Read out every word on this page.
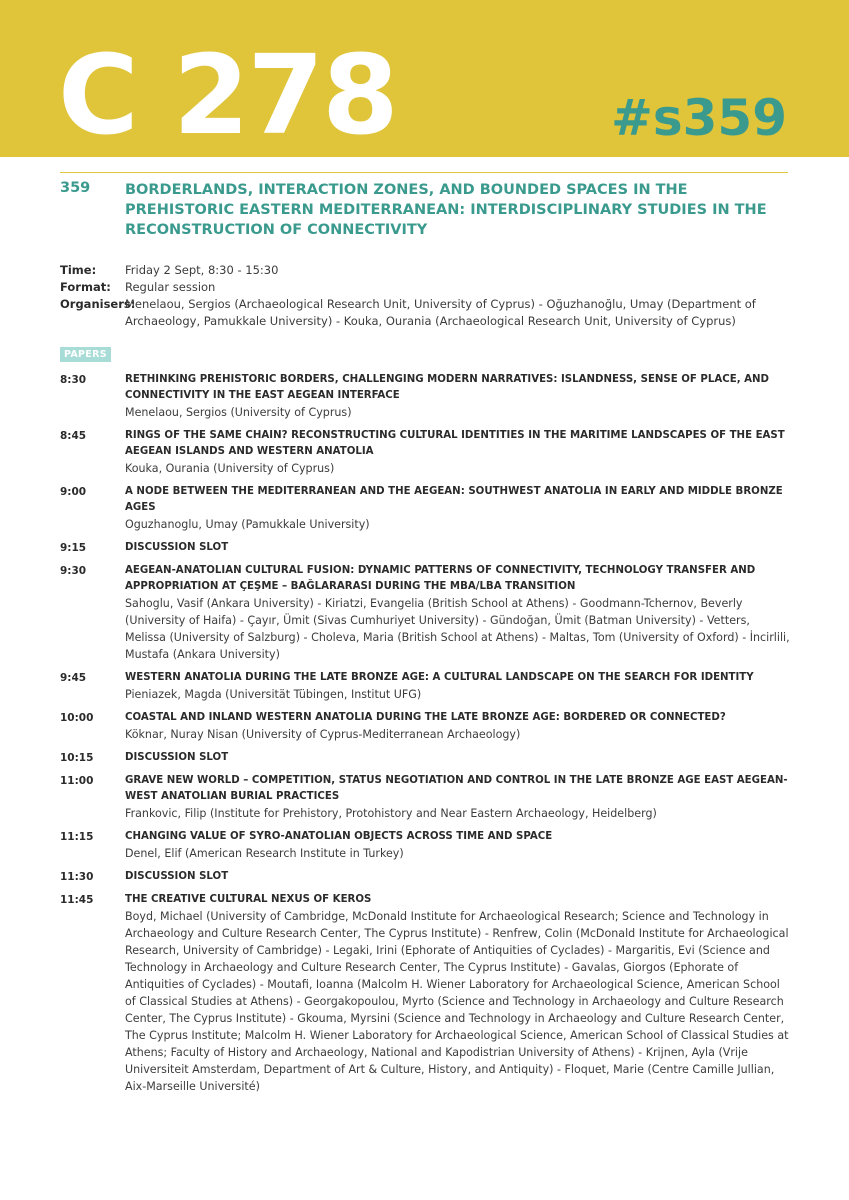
C 278	#s359
359 BORDERLANDS, INTERACTION ZONES, AND BOUNDED SPACES IN THE PREHISTORIC EASTERN MEDITERRANEAN: INTERDISCIPLINARY STUDIES IN THE RECONSTRUCTION OF CONNECTIVITY
Time:	Friday 2 Sept, 8:30 - 15:30
Format:	Regular session
Organisers:
Menelaou, Sergios (Archaeological Research Unit, University of Cyprus) - Oğuzhanoğlu, Umay (Department of Archaeology, Pamukkale University) - Kouka, Ourania (Archaeological Research Unit, University of Cyprus)
PAPERS
8:30	RETHINKING PREHISTORIC BORDERS, CHALLENGING MODERN NARRATIVES: ISLANDNESS, SENSE OF PLACE, AND CONNECTIVITY IN THE EAST AEGEAN INTERFACE
Menelaou, Sergios (University of Cyprus)
8:45	RINGS OF THE SAME CHAIN? RECONSTRUCTING CULTURAL IDENTITIES IN THE MARITIME LANDSCAPES OF THE EAST AEGEAN ISLANDS AND WESTERN ANATOLIA
Kouka, Ourania (University of Cyprus)
9:00	A NODE BETWEEN THE MEDITERRANEAN AND THE AEGEAN: SOUTHWEST ANATOLIA IN EARLY AND MIDDLE BRONZE AGES
Oguzhanoglu, Umay (Pamukkale University)
9:15	DISCUSSION SLOT
9:30	AEGEAN-ANATOLIAN CULTURAL FUSION: DYNAMIC PATTERNS OF CONNECTIVITY, TECHNOLOGY TRANSFER AND APPROPRIATION AT ÇEŞME – BAĞLARARASI DURING THE MBA/LBA TRANSITION
Sahoglu, Vasif (Ankara University) - Kiriatzi, Evangelia (British School at Athens) - Goodmann-Tchernov, Beverly (University of Haifa) - Çayır, Ümit (Sivas Cumhuriyet University) - Gündoğan, Ümit (Batman University) - Vetters, Melissa (University of Salzburg) - Choleva, Maria (British School at Athens) - Maltas, Tom (University of Oxford) - İncirlili, Mustafa (Ankara University)
9:45	WESTERN ANATOLIA DURING THE LATE BRONZE AGE: A CULTURAL LANDSCAPE ON THE SEARCH FOR IDENTITY
Pieniazek, Magda (Universität Tübingen, Institut UFG)
10:00	COASTAL AND INLAND WESTERN ANATOLIA DURING THE LATE BRONZE AGE: BORDERED OR CONNECTED?
Köknar, Nuray Nisan (University of Cyprus-Mediterranean Archaeology)
10:15	DISCUSSION SLOT
11:00	GRAVE NEW WORLD – COMPETITION, STATUS NEGOTIATION AND CONTROL IN THE LATE BRONZE AGE EAST AEGEAN-WEST ANATOLIAN BURIAL PRACTICES
Frankovic, Filip (Institute for Prehistory, Protohistory and Near Eastern Archaeology, Heidelberg)
11:15	CHANGING VALUE OF SYRO-ANATOLIAN OBJECTS ACROSS TIME AND SPACE
Denel, Elif (American Research Institute in Turkey)
11:30	DISCUSSION SLOT
11:45	THE CREATIVE CULTURAL NEXUS OF KEROS
Boyd, Michael (University of Cambridge, McDonald Institute for Archaeological Research; Science and Technology in Archaeology and Culture Research Center, The Cyprus Institute) - Renfrew, Colin (McDonald Institute for Archaeological Research, University of Cambridge) - Legaki, Irini (Ephorate of Antiquities of Cyclades) - Margaritis, Evi (Science and Technology in Archaeology and Culture Research Center, The Cyprus Institute) - Gavalas, Giorgos (Ephorate of Antiquities of Cyclades) - Moutafi, Ioanna (Malcolm H. Wiener Laboratory for Archaeological Science, American School of Classical Studies at Athens) - Georgakopoulou, Myrto (Science and Technology in Archaeology and Culture Research Center, The Cyprus Institute) - Gkouma, Myrsini (Science and Technology in Archaeology and Culture Research Center, The Cyprus Institute; Malcolm H. Wiener Laboratory for Archaeological Science, American School of Classical Studies at Athens; Faculty of History and Archaeology, National and Kapodistrian University of Athens) - Krijnen, Ayla (Vrije Universiteit Amsterdam, Department of Art & Culture, History, and Antiquity) - Floquet, Marie (Centre Camille Jullian, Aix-Marseille Université)
